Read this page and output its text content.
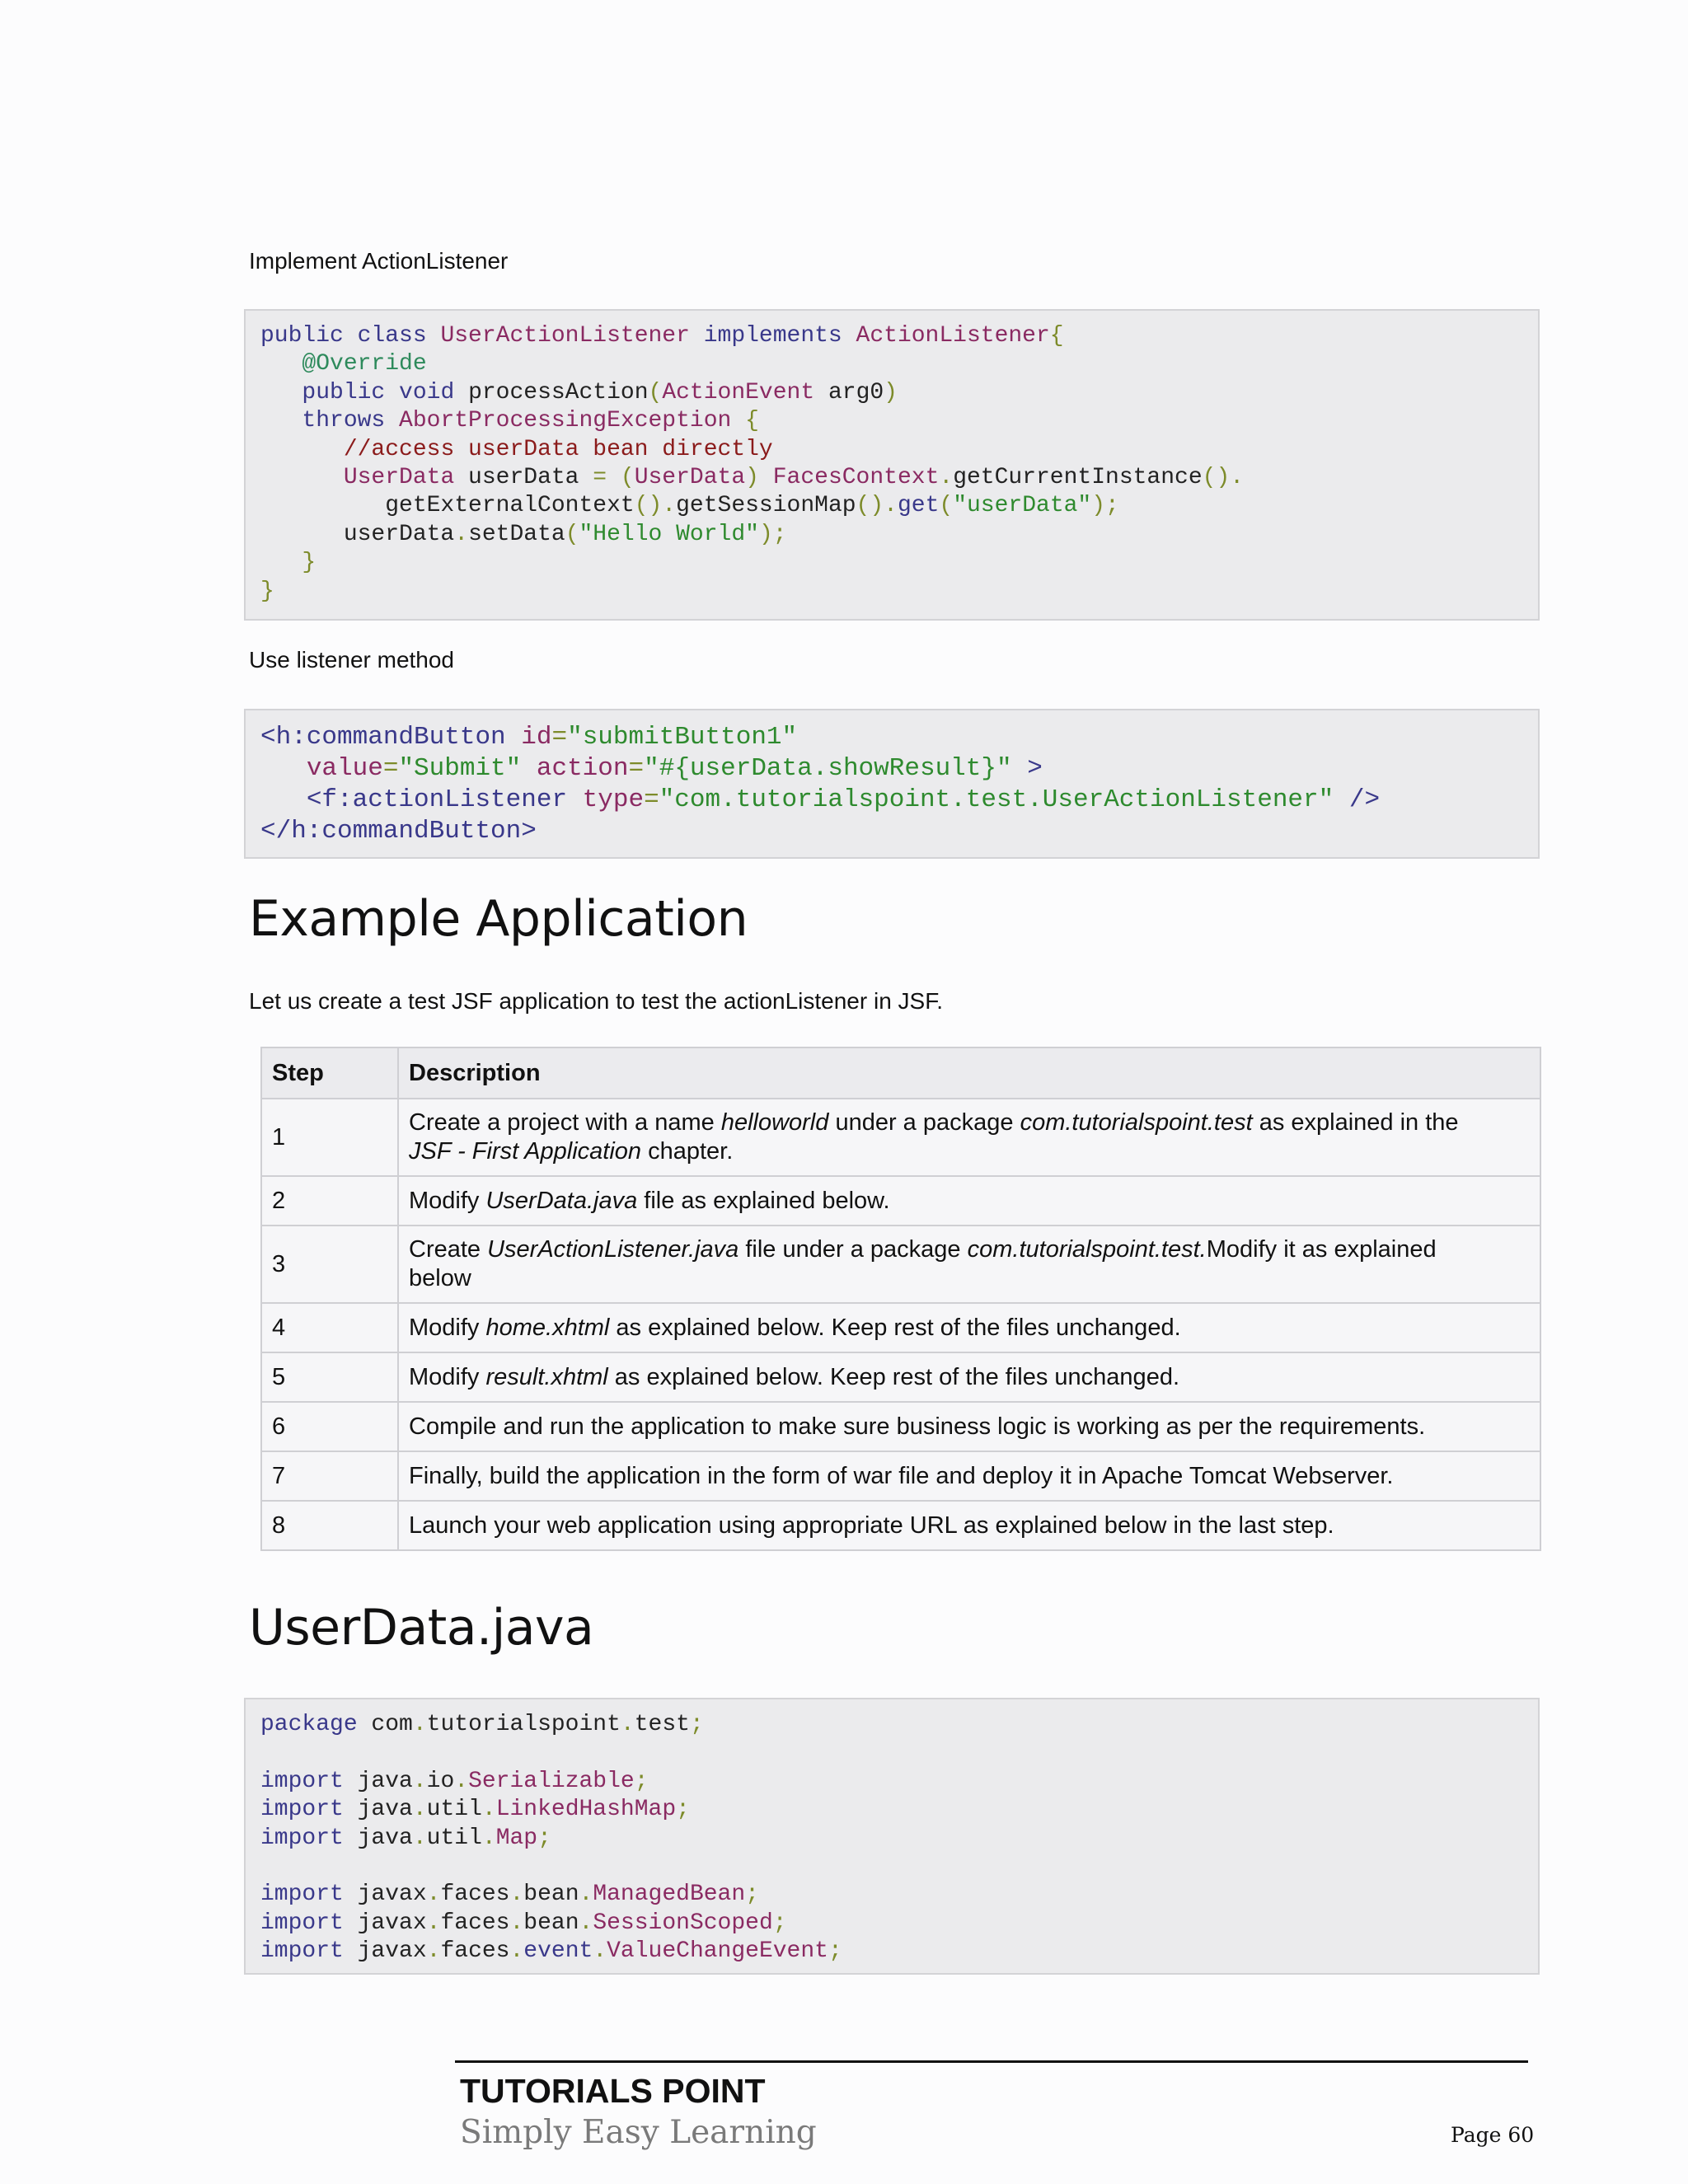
Implement ActionListener
public class UserActionListener implements ActionListener{
@Override
public void processAction(ActionEvent arg0)
throws AbortProcessingException {
//access userData bean directly
UserData userData = (UserData) FacesContext.getCurrentInstance().
getExternalContext().getSessionMap().get("userData");
userData.setData("Hello World");
}
}
Use listener method
<h:commandButton id="submitButton1"
value="Submit" action="#{userData.showResult}" >
<f:actionListener type="com.tutorialspoint.test.UserActionListener" />
</h:commandButton>
Example Application
Let us create a test JSF application to test the actionListener in JSF.
Step	Description
1	Create a project with a name helloworld under a package com.tutorialspoint.test as explained in the JSF - First Application chapter.
2	Modify UserData.java file as explained below.
3	Create UserActionListener.java file under a package com.tutorialspoint.test.Modify it as explained below
4	Modify home.xhtml as explained below. Keep rest of the files unchanged.
5	Modify result.xhtml as explained below. Keep rest of the files unchanged.
6	Compile and run the application to make sure business logic is working as per the requirements.
7	Finally, build the application in the form of war file and deploy it in Apache Tomcat Webserver.
8	Launch your web application using appropriate URL as explained below in the last step.
UserData.java
package com.tutorialspoint.test;

import java.io.Serializable;
import java.util.LinkedHashMap;
import java.util.Map;

import javax.faces.bean.ManagedBean;
import javax.faces.bean.SessionScoped;
import javax.faces.event.ValueChangeEvent;
TUTORIALS POINT
Simply Easy Learning	Page 60
